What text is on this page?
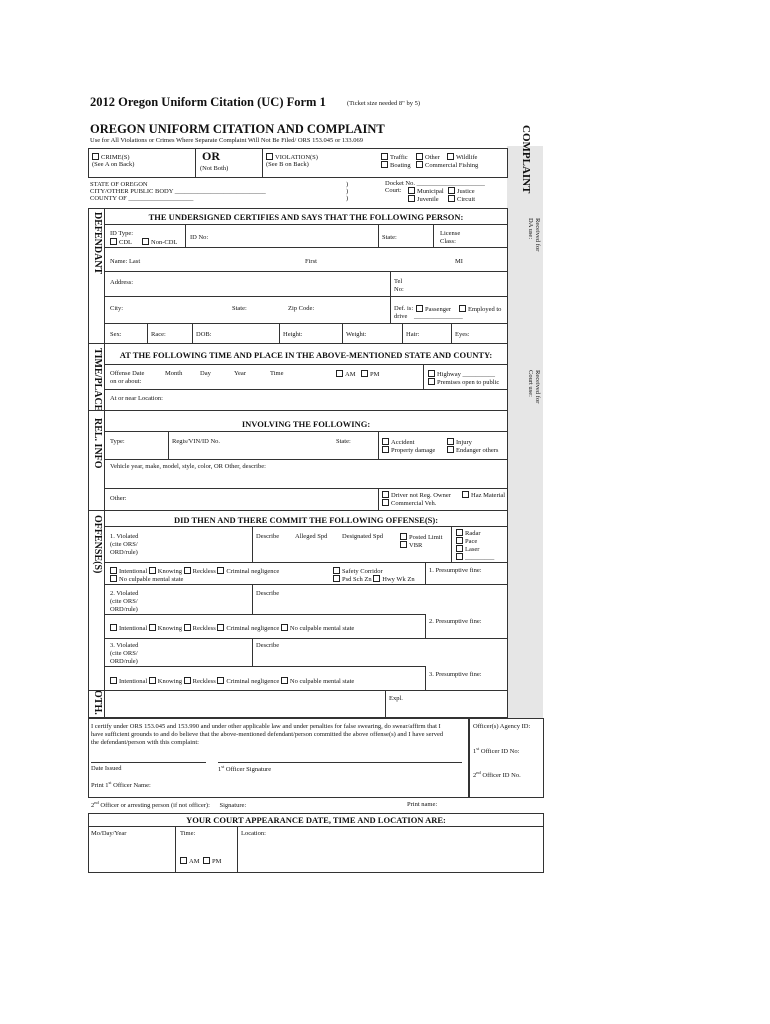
2012 Oregon Uniform Citation (UC) Form 1	(Ticket size needed 8" by 5)
OREGON UNIFORM CITATION AND COMPLAINT
Use for All Violations or Crimes Where Separate Complaint Will Not Be Filed/ ORS 153.045 or 133.069	COMPLAINT
Received for DA use:
Received for Court use:
CRIME(S)
(See A on Back)
OR
(Not Both)
VIOLATION(S)
(See B on Back)
Traffic	Other	Wildlife
Boating	Commercial Fishing
STATE OF OREGON
CITY/OTHER PUBLIC BODY ____________________________
COUNTY OF ____________________
)
)
)
Docket No. _____________________
Court:	Municipal	Justice
Juvenile	Circuit
DEFENDANT
TIME/PLACE
REL. INFO
OFFENSE(S)
OTH.
THE UNDERSIGNED CERTIFIES AND SAYS THAT THE FOLLOWING PERSON:
ID Type:
CDL	Non-CDL
ID No:	State:
License
Class:
Name: Last	First	MI
Address:	Tel
No:
City:	State:	Zip Code:	Def. is:	Passenger	Employed to
drive _______________
Sex:	Race:	DOB:	Height:	Weight:	Hair:	Eyes:
AT THE FOLLOWING TIME AND PLACE IN THE ABOVE-MENTIONED STATE AND COUNTY:
Offense Date
on or about:
Month	Day	Year	Time	AM	PM	Highway __________
Premises open to public
At or near Location:
INVOLVING THE FOLLOWING:
Type:	Regis/VIN/ID No.	State:	Accident	Injury
Property damage	Endanger others
Vehicle year, make, model, style, color, OR Other, describe:
Other:	Driver not Reg. Owner	Haz Material
Commercial Veh.
DID THEN AND THERE COMMIT THE FOLLOWING OFFENSE(S):
1. Violated
(cite ORS/
ORD/rule)
Describe Alleged Spd Designated Spd	Posted Limit
VBR
Radar
Pace
Laser
_________
Intentional Knowing Reckless Criminal negligence
No culpable mental state
Safety Corridor
Psd Sch Zn Hwy Wk Zn
1. Presumptive fine:
2. Violated
(cite ORS/
ORD/rule)
Describe
Intentional Knowing Reckless Criminal negligence No culpable mental state
2. Presumptive fine:
3. Violated
(cite ORS/
ORD/rule)
Describe
Intentional Knowing Reckless Criminal negligence No culpable mental state
3. Presumptive fine:
Expl.
I certify under ORS 153.045 and 153.990 and under other applicable law and under penalties for false swearing, do swear/affirm that I
have sufficient grounds to and do believe that the above-mentioned defendant/person committed the above offense(s) and I have served
the defendant/person with this complaint:
Date Issued	1st Officer Signature
Print 1st Officer Name:
Officer(s) Agency ID:
1st Officer ID No:
2nd Officer ID No.
2nd Officer or arresting person (if not officer): Signature:	Print name:
YOUR COURT APPEARANCE DATE, TIME AND LOCATION ARE:
Mo/Day/Year	Time:	Location:
AM	PM
